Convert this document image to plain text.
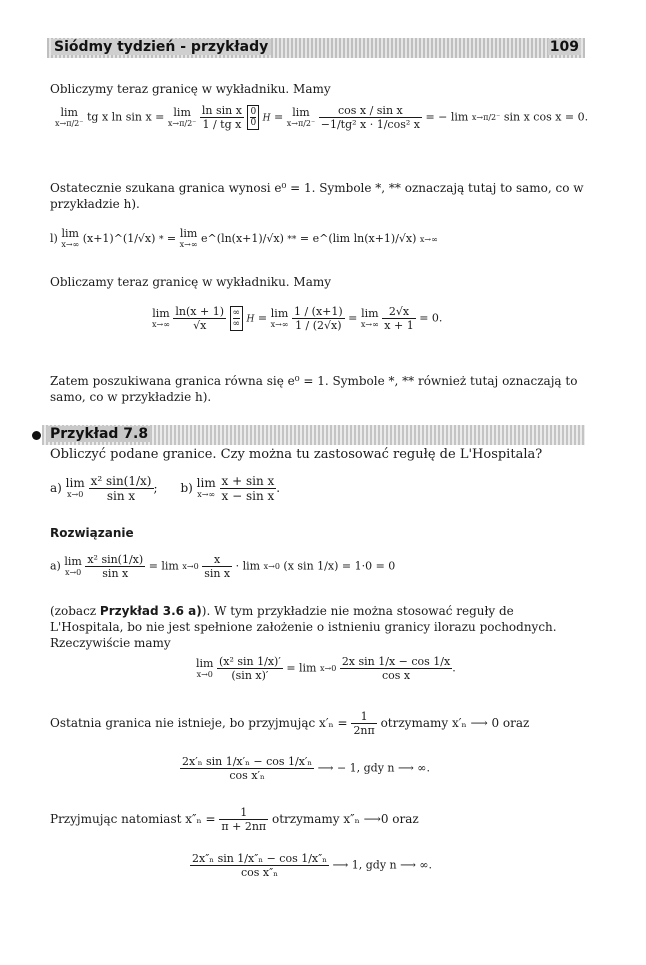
Siódmy tydzień - przykłady	109
Obliczymy teraz granicę w wykładniku. Mamy
lim
x→π/2⁻ tg x ln sin x = lim
x→π/2⁻
$\frac{\text{ln sin x}}{\text{1 / tg x}}$
$\frac{0}{0}$ H = lim
x→π/2⁻
$\frac{\text{cos x / sin x}}{\text{−1/tg² x · 1/cos² x}}$ = − lim x→π/2⁻ sin x cos x = 0.
Ostatecznie szukana granica wynosi e⁰ = 1. Symbole *, ** oznaczają tutaj to samo, co w przykładzie h).
l) lim
x→∞ (x+1)^(1/√x) * = lim
x→∞ e^(ln(x+1)/√x) ** = e^(lim ln(x+1)/√x) x→∞
Obliczamy teraz granicę w wykładniku. Mamy
lim
x→∞
$\frac{\ln(x + 1)}{√x}$
∞
∞ H = lim
x→∞
$\frac{1 / (x+1)}{1 / (2√x)} = \lim$
x→∞
$\frac{2√x}{x + 1} = 0$.
Zatem poszukiwana granica równa się e⁰ = 1. Symbole *, ** również tutaj oznaczają to samo, co w przykładzie h).
Przykład 7.8
Obliczyć podane granice. Czy można tu zastosować regułę de L'Hospitala?
a) lim
x→0
$\frac{\text{x² sin(1/x)}}{\text{sin x}}$ ;      b) lim
x→∞
$\frac{\text{x + sin x}}{\text{x − sin x}}$ .
Rozwiązanie
a) lim
x→0
$\frac{\text{x² sin(1/x)}}{\text{sin x}} = \lim x\to 0$
$\frac{x}{\text{sin x}} \cdot \lim x\to 0$ (x sin 1/x) = 1·0 = 0
(zobacz Przykład 3.6 a)). W tym przykładzie nie można stosować reguły de L'Hospitala, bo nie jest spełnione założenie o istnieniu granicy ilorazu pochodnych. Rzeczywiście mamy
lim
x→0
$\frac{\text{(x² sin 1/x)′}}{\text{(sin x)′}} = \lim x\to 0$
$\frac{\text{2x sin 1/x − cos 1/x}}{\text{cos x}}$ .
Ostatnia granica nie istnieje, bo przyjmując $x'_n = \frac{1}{2n\pi}$ otrzymamy x′ₙ ⟶ 0 oraz
$\frac{\text{2x′ₙ sin 1/x′ₙ − cos 1/x′ₙ}}{\text{cos x′ₙ}}$ ⟶ − 1, gdy n ⟶ ∞.
Przyjmując natomiast $x''_n = \frac{1}{\pi + 2n\pi}$ otrzymamy x″ₙ ⟶0 oraz
$\frac{\text{2x″ₙ sin 1/x″ₙ − cos 1/x″ₙ}}{\text{cos x″ₙ}}$ ⟶ 1, gdy n ⟶ ∞.
